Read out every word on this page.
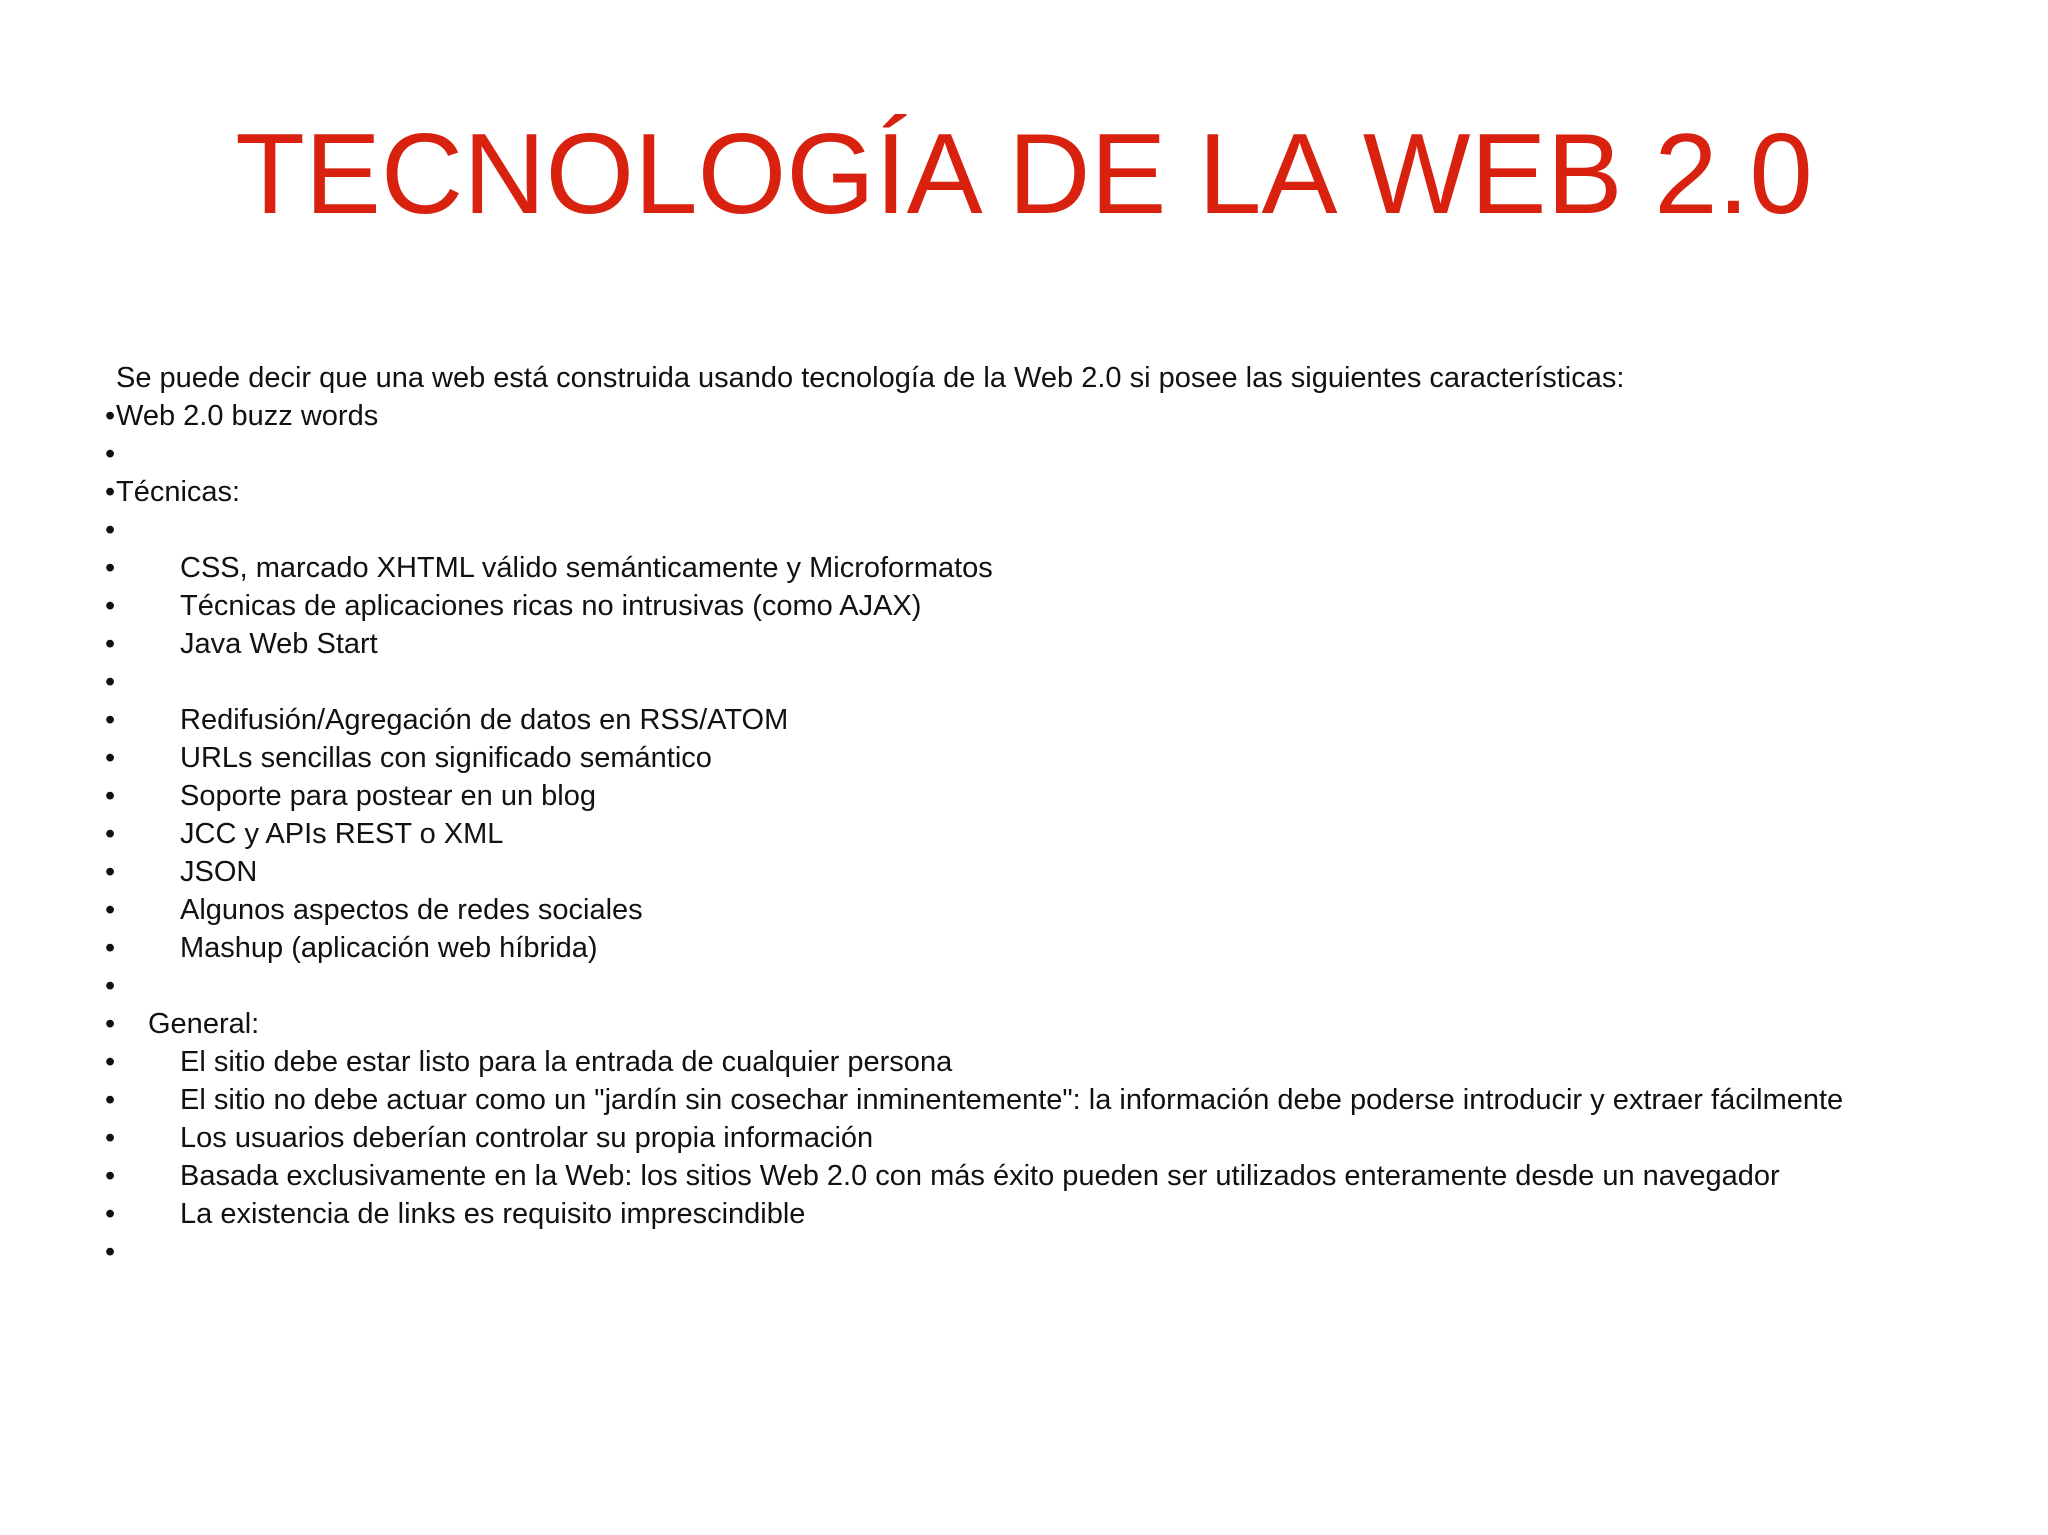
TECNOLOGÍA DE LA WEB 2.0
Se puede decir que una web está construida usando tecnología de la Web 2.0 si posee las siguientes características:
• Web 2.0 buzz words
•
• Técnicas:
•
• CSS, marcado XHTML válido semánticamente y Microformatos
• Técnicas de aplicaciones ricas no intrusivas (como AJAX)
• Java Web Start
•
• Redifusión/Agregación de datos en RSS/ATOM
• URLs sencillas con significado semántico
• Soporte para postear en un blog
• JCC y APIs REST o XML
• JSON
• Algunos aspectos de redes sociales
• Mashup (aplicación web híbrida)
•
• General:
• El sitio debe estar listo para la entrada de cualquier persona
• El sitio no debe actuar como un "jardín sin cosechar inminentemente": la información debe poderse introducir y extraer fácilmente
• Los usuarios deberían controlar su propia información
• Basada exclusivamente en la Web: los sitios Web 2.0 con más éxito pueden ser utilizados enteramente desde un navegador
• La existencia de links es requisito imprescindible
•
